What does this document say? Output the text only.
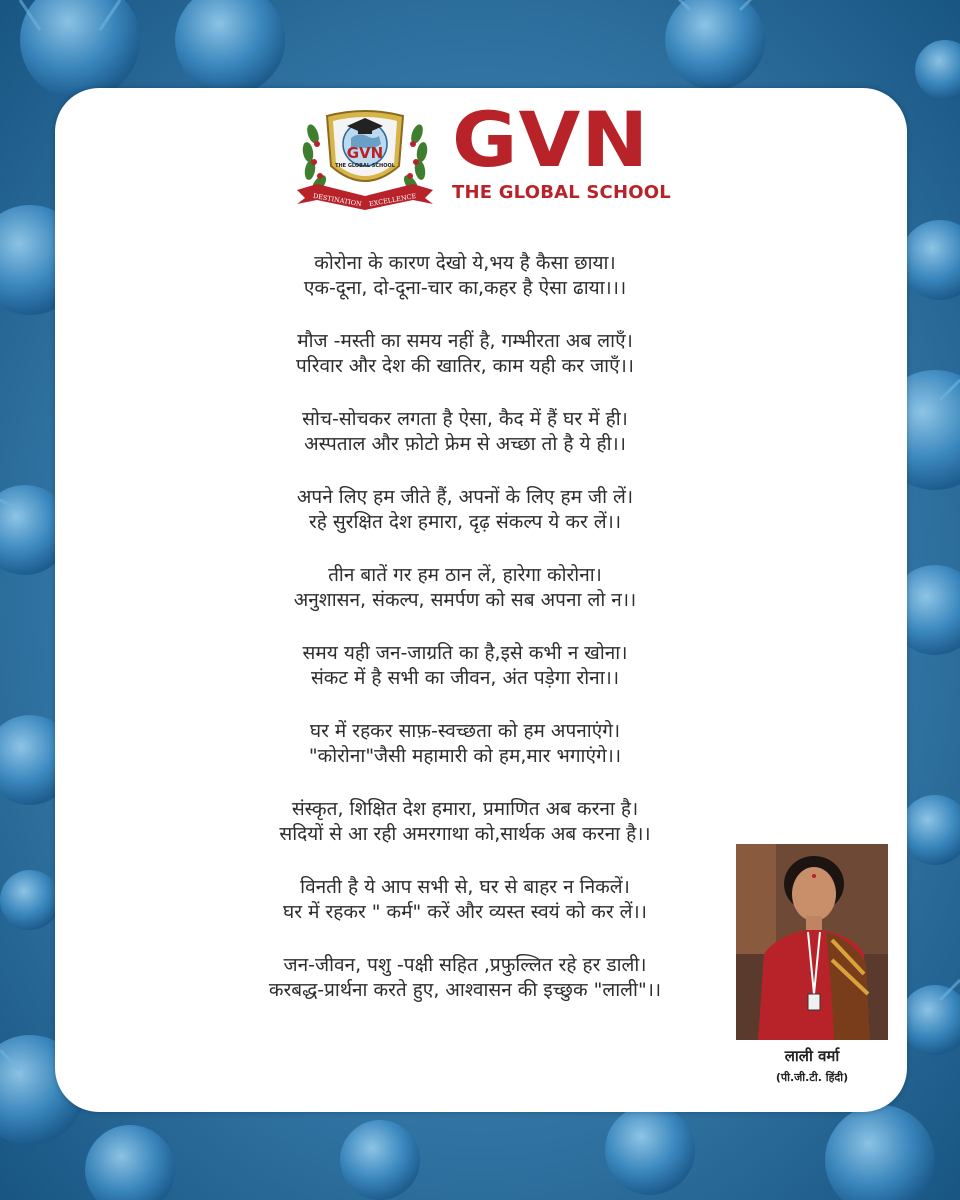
GVN
THE GLOBAL SCHOOL
DESTINATION EXCELLENCE
GVN
THE GLOBAL SCHOOL
कोरोना के कारण देखो ये,भय है कैसा छाया।
एक-दूना, दो-दूना-चार का,कहर है ऐसा ढाया।।।
मौज -मस्ती का समय नहीं है, गम्भीरता अब लाएँ।
परिवार और देश की खातिर, काम यही कर जाएँ।।
सोच-सोचकर लगता है ऐसा, कैद में हैं घर में ही।
अस्पताल और फ़ोटो फ्रेम से अच्छा तो है ये ही।।
अपने लिए हम जीते हैं, अपनों के लिए हम जी लें।
रहे सुरक्षित देश हमारा, दृढ़ संकल्प ये कर लें।।
तीन बातें गर हम ठान लें, हारेगा कोरोना।
अनुशासन, संकल्प, समर्पण को सब अपना लो न।।
समय यही जन-जाग्रति का है,इसे कभी न खोना।
संकट में है सभी का जीवन, अंत पड़ेगा रोना।।
घर में रहकर साफ़-स्वच्छता को हम अपनाएंगे।
"कोरोना"जैसी महामारी को हम,मार भगाएंगे।।
संस्कृत, शिक्षित देश हमारा, प्रमाणित अब करना है।
सदियों से आ रही अमरगाथा को,सार्थक अब करना है।।
विनती है ये आप सभी से, घर से बाहर न निकलें।
घर में रहकर " कर्म" करें और व्यस्त स्वयं को कर लें।।
जन-जीवन, पशु -पक्षी सहित ,प्रफुल्लित रहे हर डाली।
करबद्ध-प्रार्थना करते हुए, आश्वासन की इच्छुक "लाली"।।
लाली वर्मा
(पी.जी.टी. हिंदी)
